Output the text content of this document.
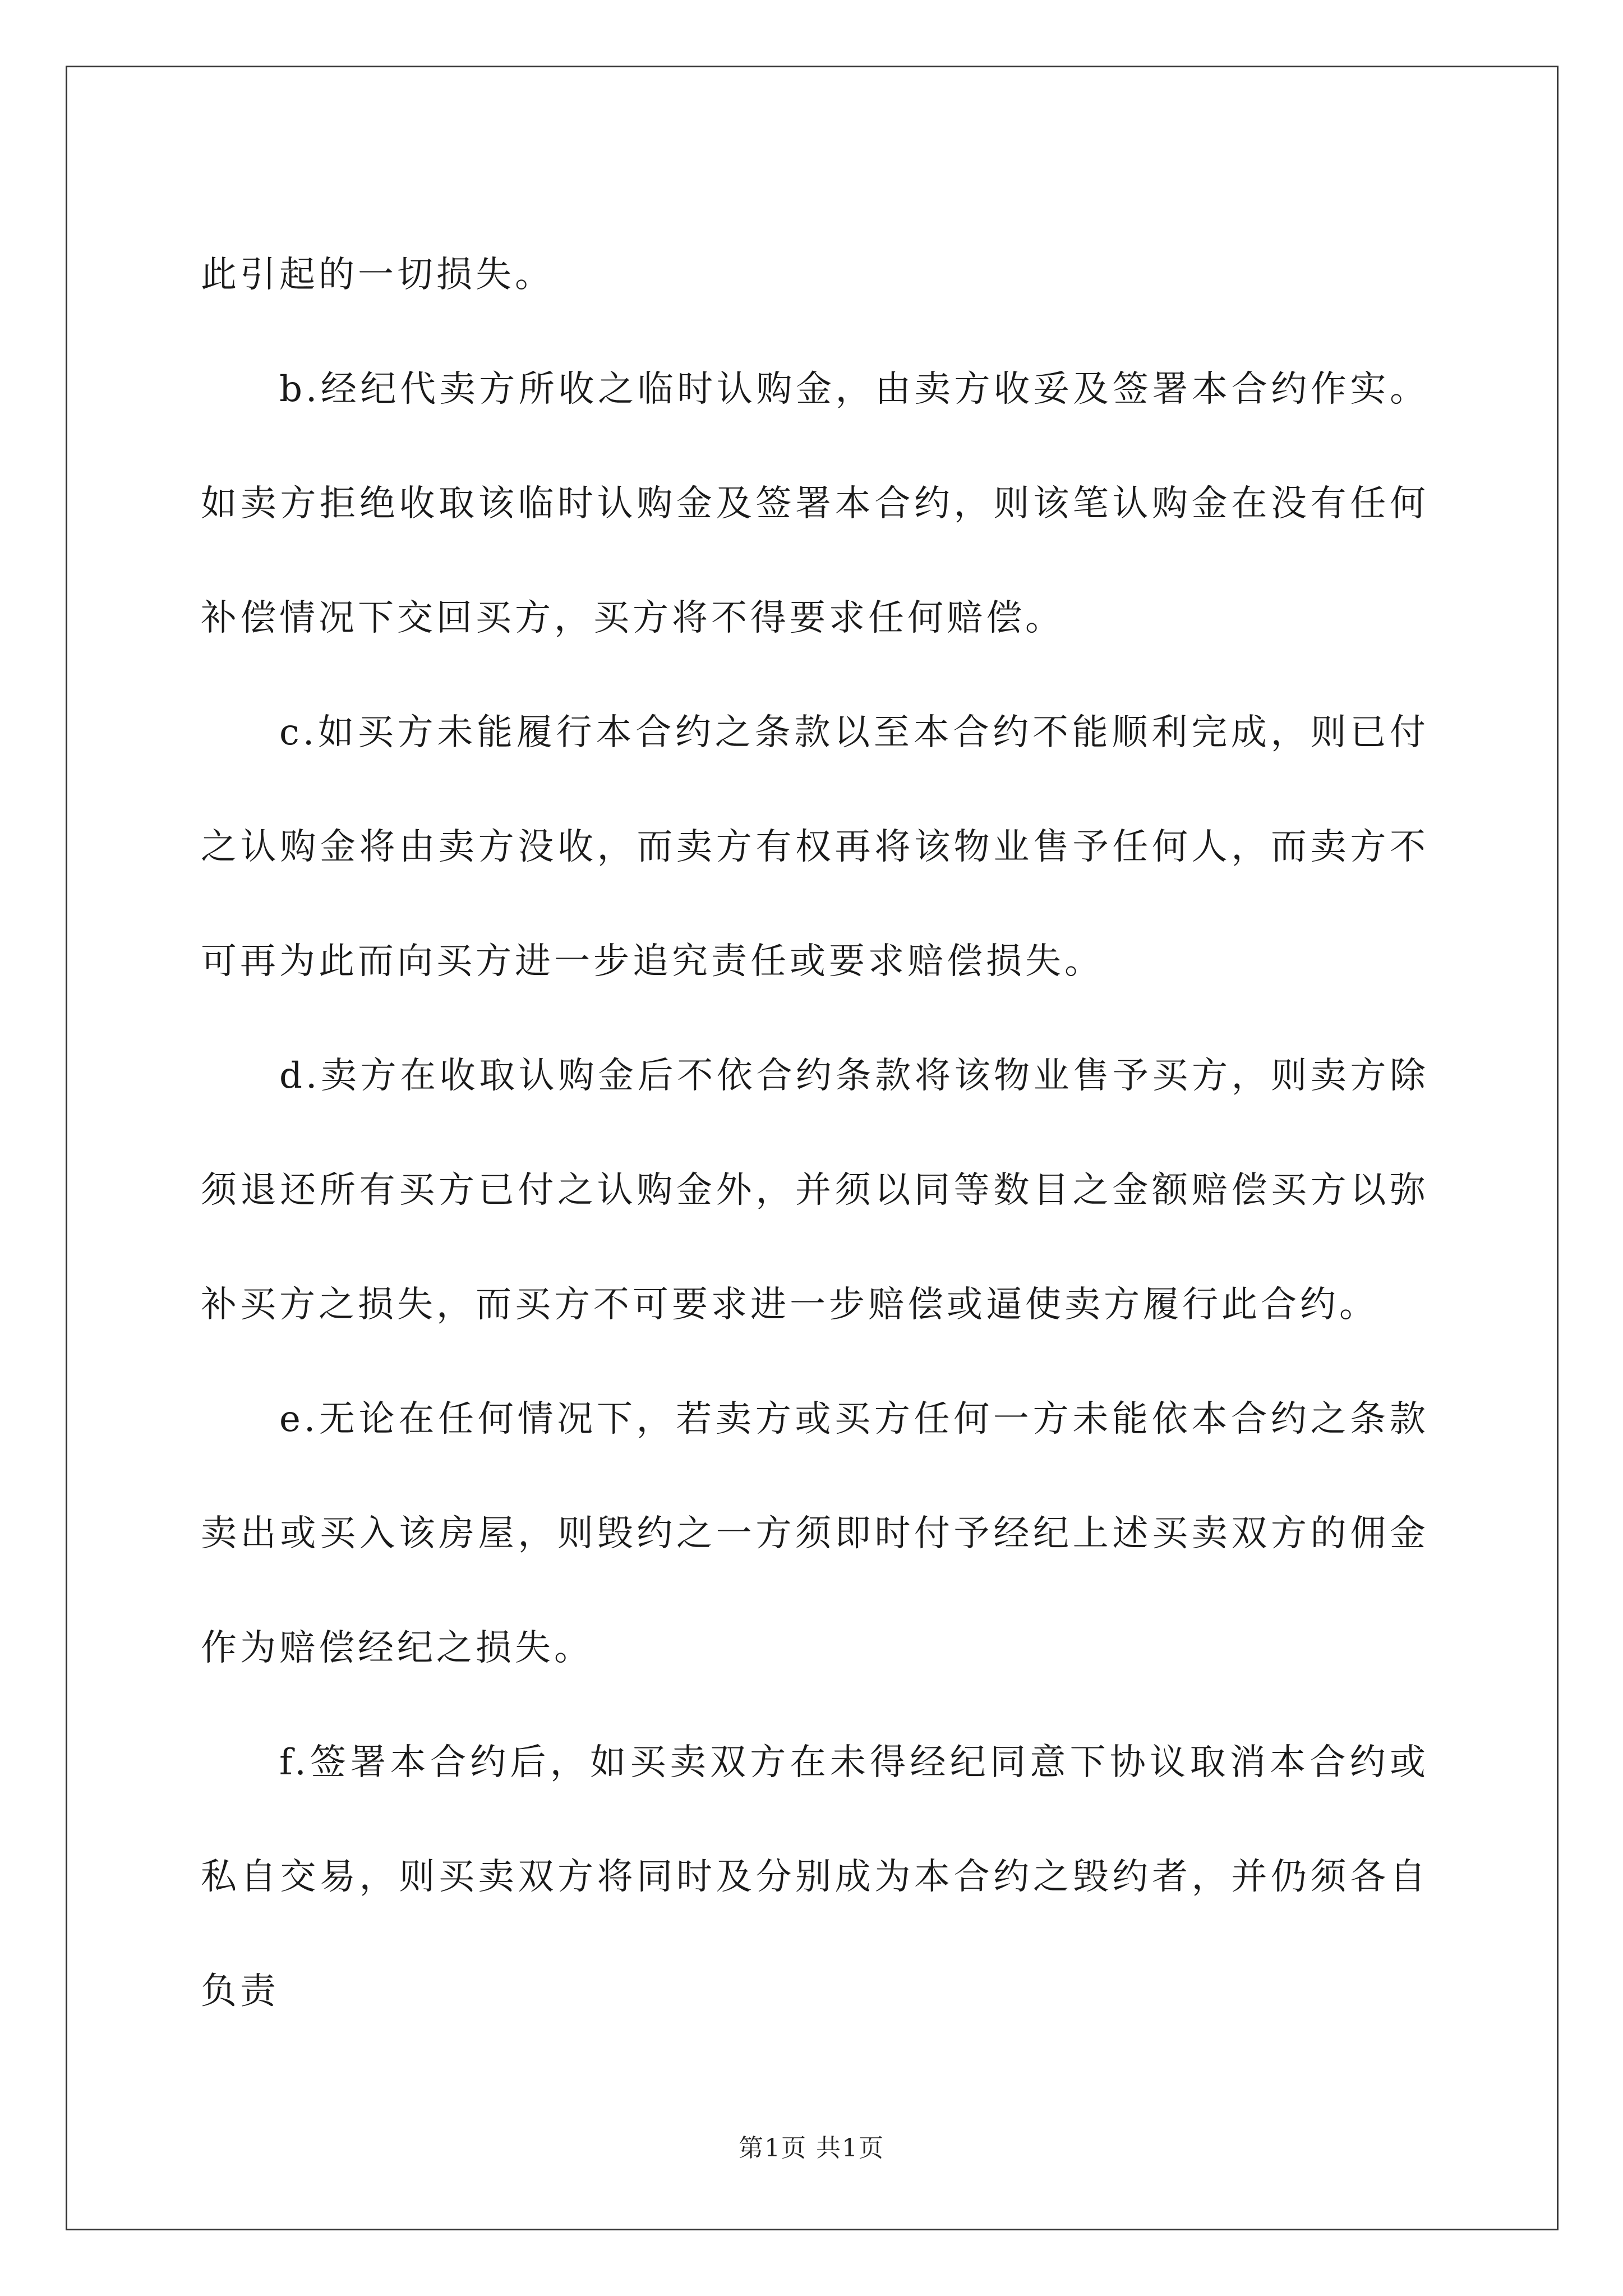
此引起的一切损失。

b.经纪代卖方所收之临时认购金，由卖方收妥及签署本合约作实。如卖方拒绝收取该临时认购金及签署本合约，则该笔认购金在没有任何补偿情况下交回买方，买方将不得要求任何赔偿。

c.如买方未能履行本合约之条款以至本合约不能顺利完成，则已付之认购金将由卖方没收，而卖方有权再将该物业售予任何人，而卖方不可再为此而向买方进一步追究责任或要求赔偿损失。

d.卖方在收取认购金后不依合约条款将该物业售予买方，则卖方除须退还所有买方已付之认购金外，并须以同等数目之金额赔偿买方以弥补买方之损失，而买方不可要求进一步赔偿或逼使卖方履行此合约。

e.无论在任何情况下，若卖方或买方任何一方未能依本合约之条款卖出或买入该房屋，则毁约之一方须即时付予经纪上述买卖双方的佣金作为赔偿经纪之损失。

f.签署本合约后，如买卖双方在未得经纪同意下协议取消本合约或私自交易，则买卖双方将同时及分别成为本合约之毁约者，并仍须各自负责

第1页 共1页
